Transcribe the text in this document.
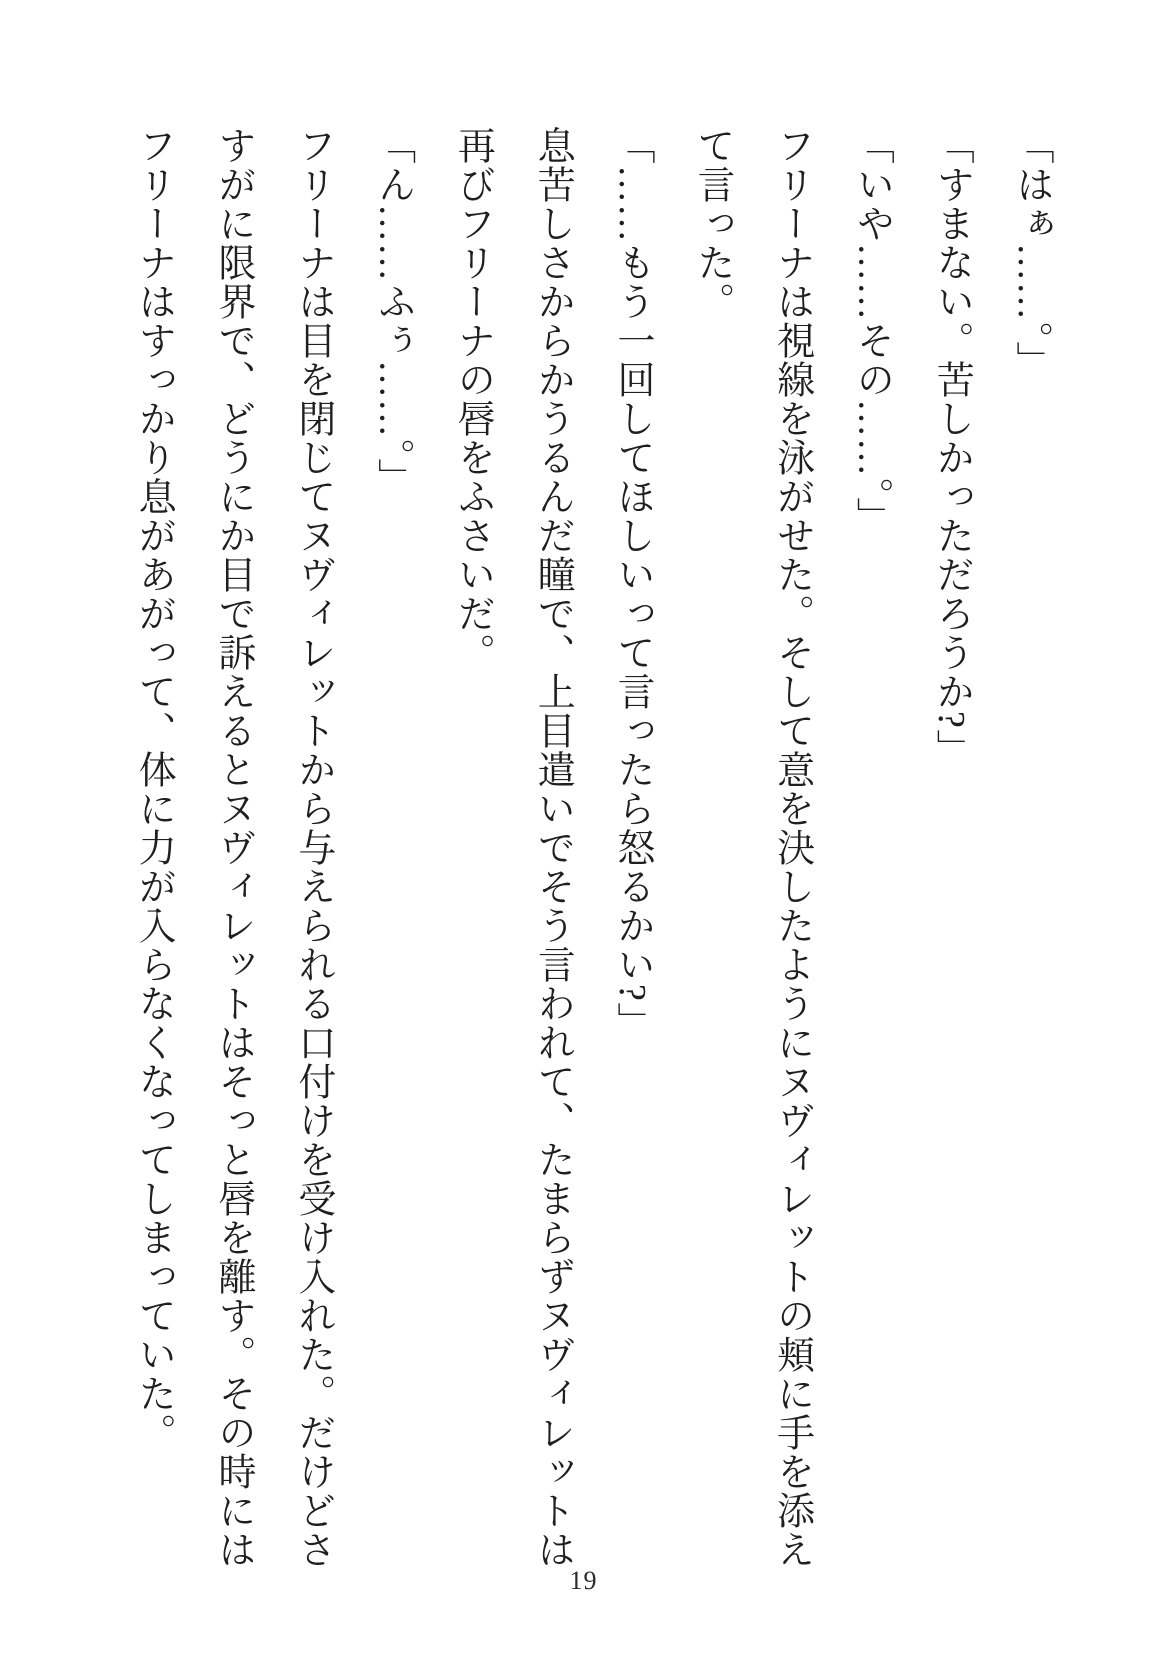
「はぁ……。」
「すまない。苦しかっただろうか?」
「いや……その……。」
フリーナは視線を泳がせた。そして意を決したようにヌヴィレットの頬に手を添え
て言った。
「……もう一回してほしいって言ったら怒るかい?」
息苦しさからかうるんだ瞳で、上目遣いでそう言われて、たまらずヌヴィレットは
再びフリーナの唇をふさいだ。
「ん……ふぅ……。」
フリーナは目を閉じてヌヴィレットから与えられる口付けを受け入れた。だけどさ
すがに限界で、どうにか目で訴えるとヌヴィレットはそっと唇を離す。その時には
フリーナはすっかり息があがって、体に力が入らなくなってしまっていた。
19
